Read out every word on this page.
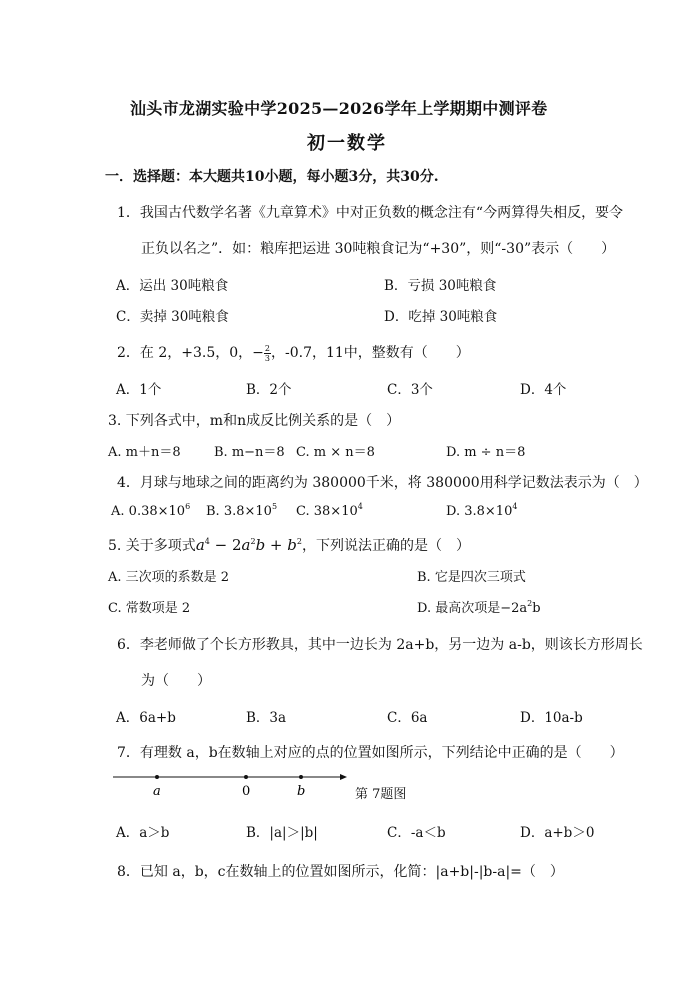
汕头市龙湖实验中学2025—2026学年上学期期中测评卷
初一数学
一．选择题：本大题共10小题，每小题3分，共30分.
1．我国古代数学名著《九章算术》中对正负数的概念注有“今两算得失相反，要令
正负以名之”．如：粮库把运进 30吨粮食记为“+30”，则“-30”表示（　　）
A．运出 30吨粮食	B．亏损 30吨粮食
C．卖掉 30吨粮食	D．吃掉 30吨粮食
2．在 2，+3.5，0，− $\frac{2}{3}$ ，-0.7，11中，整数有（　　）
A．1个	B．2个	C．3个	D．4个
3. 下列各式中，m和n成反比例关系的是（　）
A. m＋n＝8	B. m−n＝8 C. m × n＝8	D. m ÷ n＝8
4．月球与地球之间的距离约为 380000千米，将 380000用科学记数法表示为（　）
A. $0.38\times 10^6$ B. $3.8\times 10^5$ C. $38\times 10^4$	D. $3.8\times 10^4$
5. 关于多项式$a^4 - 2a^2b + b^2$，下列说法正确的是（　）
A. 三次项的系数是 2	B. 它是四次三项式
C. 常数项是 2	D. 最高次项是$-2a^2b$
6．李老师做了个长方形教具，其中一边长为 2a+b，另一边为 a-b，则该长方形周长
为（　　）
A．6a+b	B．3a	C．6a	D．10a-b
7．有理数 a，b在数轴上对应的点的位置如图所示，下列结论中正确的是（　　）
a	0	b	第 7题图
A．a＞b	B．|a|＞|b|	C．-a＜b	D．a+b＞0
8．已知 a，b，c在数轴上的位置如图所示，化简：|a+b|-|b-a|=（　）
